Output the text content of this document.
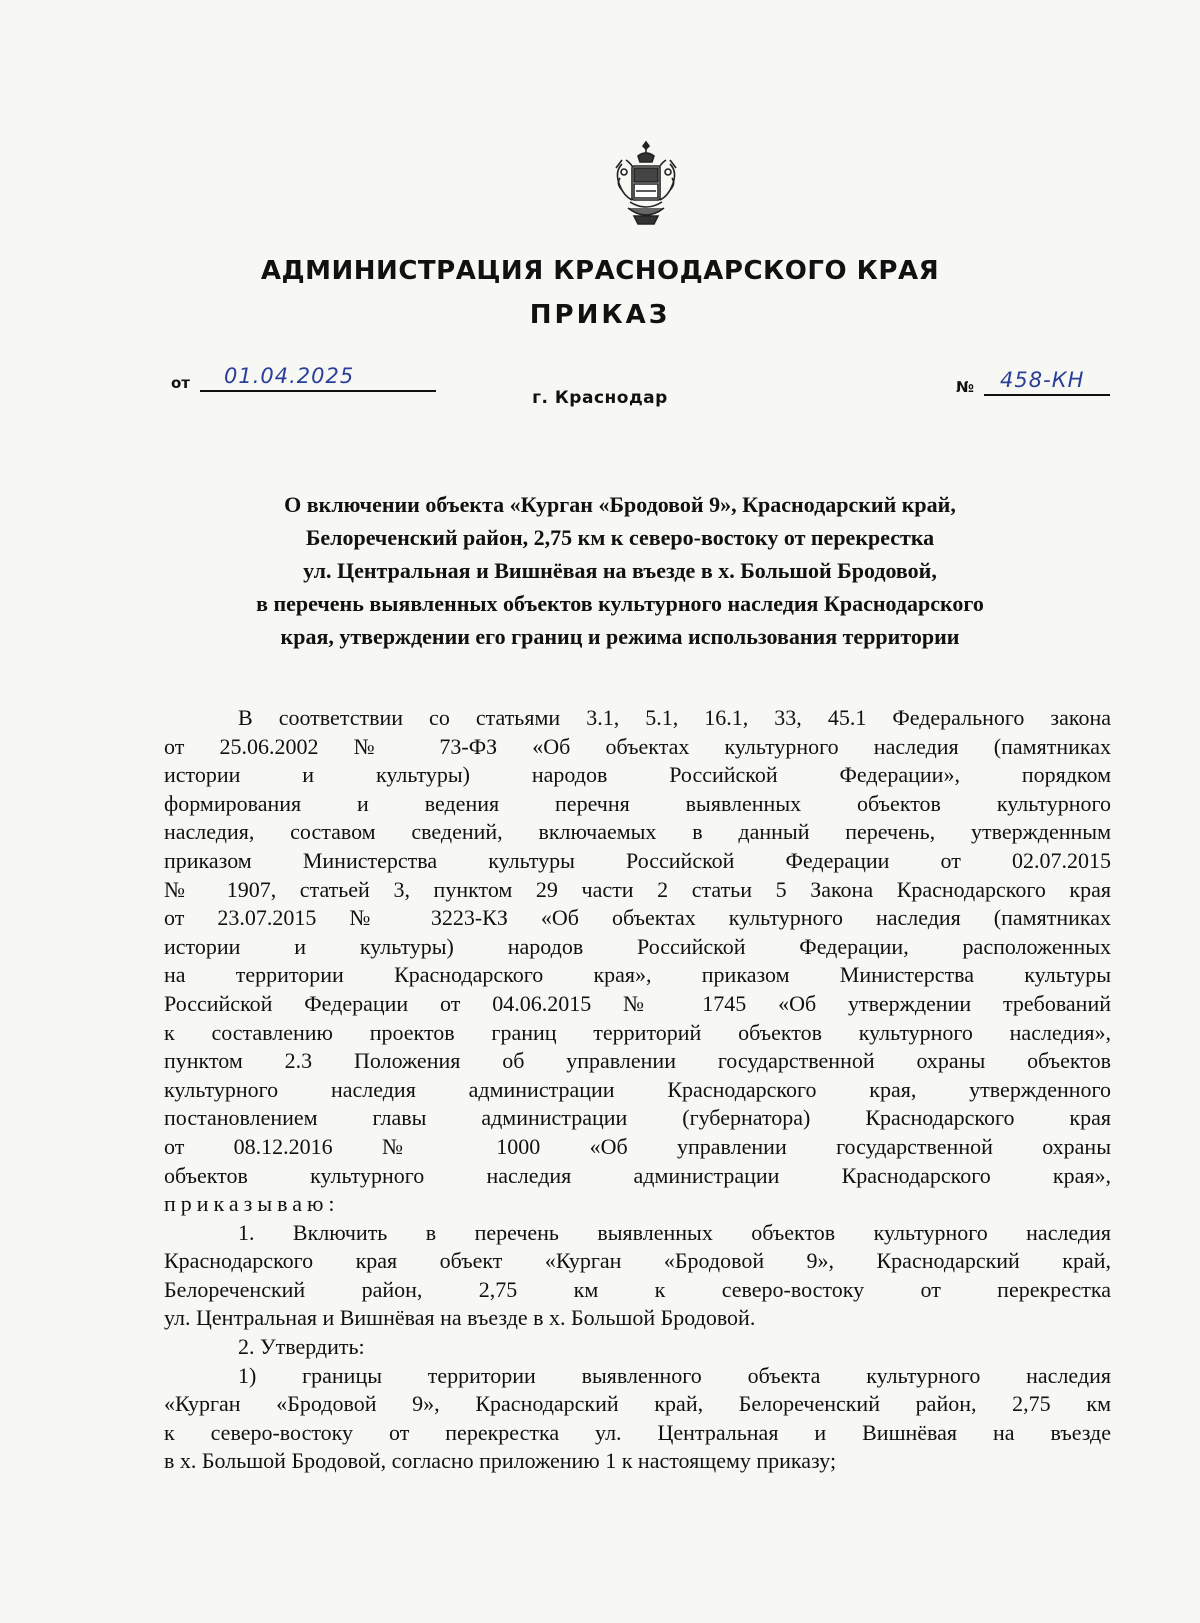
АДМИНИСТРАЦИЯ КРАСНОДАРСКОГО КРАЯ
ПРИКАЗ
от 01.04.2025	№ 458-КН
г. Краснодар
О включении объекта «Курган «Бродовой 9», Краснодарский край,
Белореченский район, 2,75 км к северо-востоку от перекрестка
ул. Центральная и Вишнёвая на въезде в х. Большой Бродовой,
в перечень выявленных объектов культурного наследия Краснодарского
края, утверждении его границ и режима использования территории
В соответствии со статьями 3.1, 5.1, 16.1, 33, 45.1 Федерального закона
от 25.06.2002 № 73-ФЗ «Об объектах культурного наследия (памятниках
истории и культуры) народов Российской Федерации», порядком
формирования и ведения перечня выявленных объектов культурного
наследия, составом сведений, включаемых в данный перечень, утвержденным
приказом Министерства культуры Российской Федерации от 02.07.2015
№ 1907, статьей 3, пунктом 29 части 2 статьи 5 Закона Краснодарского края
от 23.07.2015 № 3223-КЗ «Об объектах культурного наследия (памятниках
истории и культуры) народов Российской Федерации, расположенных
на территории Краснодарского края», приказом Министерства культуры
Российской Федерации от 04.06.2015 № 1745 «Об утверждении требований
к составлению проектов границ территорий объектов культурного наследия»,
пунктом 2.3 Положения об управлении государственной охраны объектов
культурного наследия администрации Краснодарского края, утвержденного
постановлением главы администрации (губернатора) Краснодарского края
от 08.12.2016 № 1000 «Об управлении государственной охраны
объектов культурного наследия администрации Краснодарского края»,
приказываю:
1. Включить в перечень выявленных объектов культурного наследия
Краснодарского края объект «Курган «Бродовой 9», Краснодарский край,
Белореченский район, 2,75 км к северо-востоку от перекрестка
ул. Центральная и Вишнёвая на въезде в х. Большой Бродовой.
2. Утвердить:
1) границы территории выявленного объекта культурного наследия
«Курган «Бродовой 9», Краснодарский край, Белореченский район, 2,75 км
к северо-востоку от перекрестка ул. Центральная и Вишнёвая на въезде
в х. Большой Бродовой, согласно приложению 1 к настоящему приказу;
